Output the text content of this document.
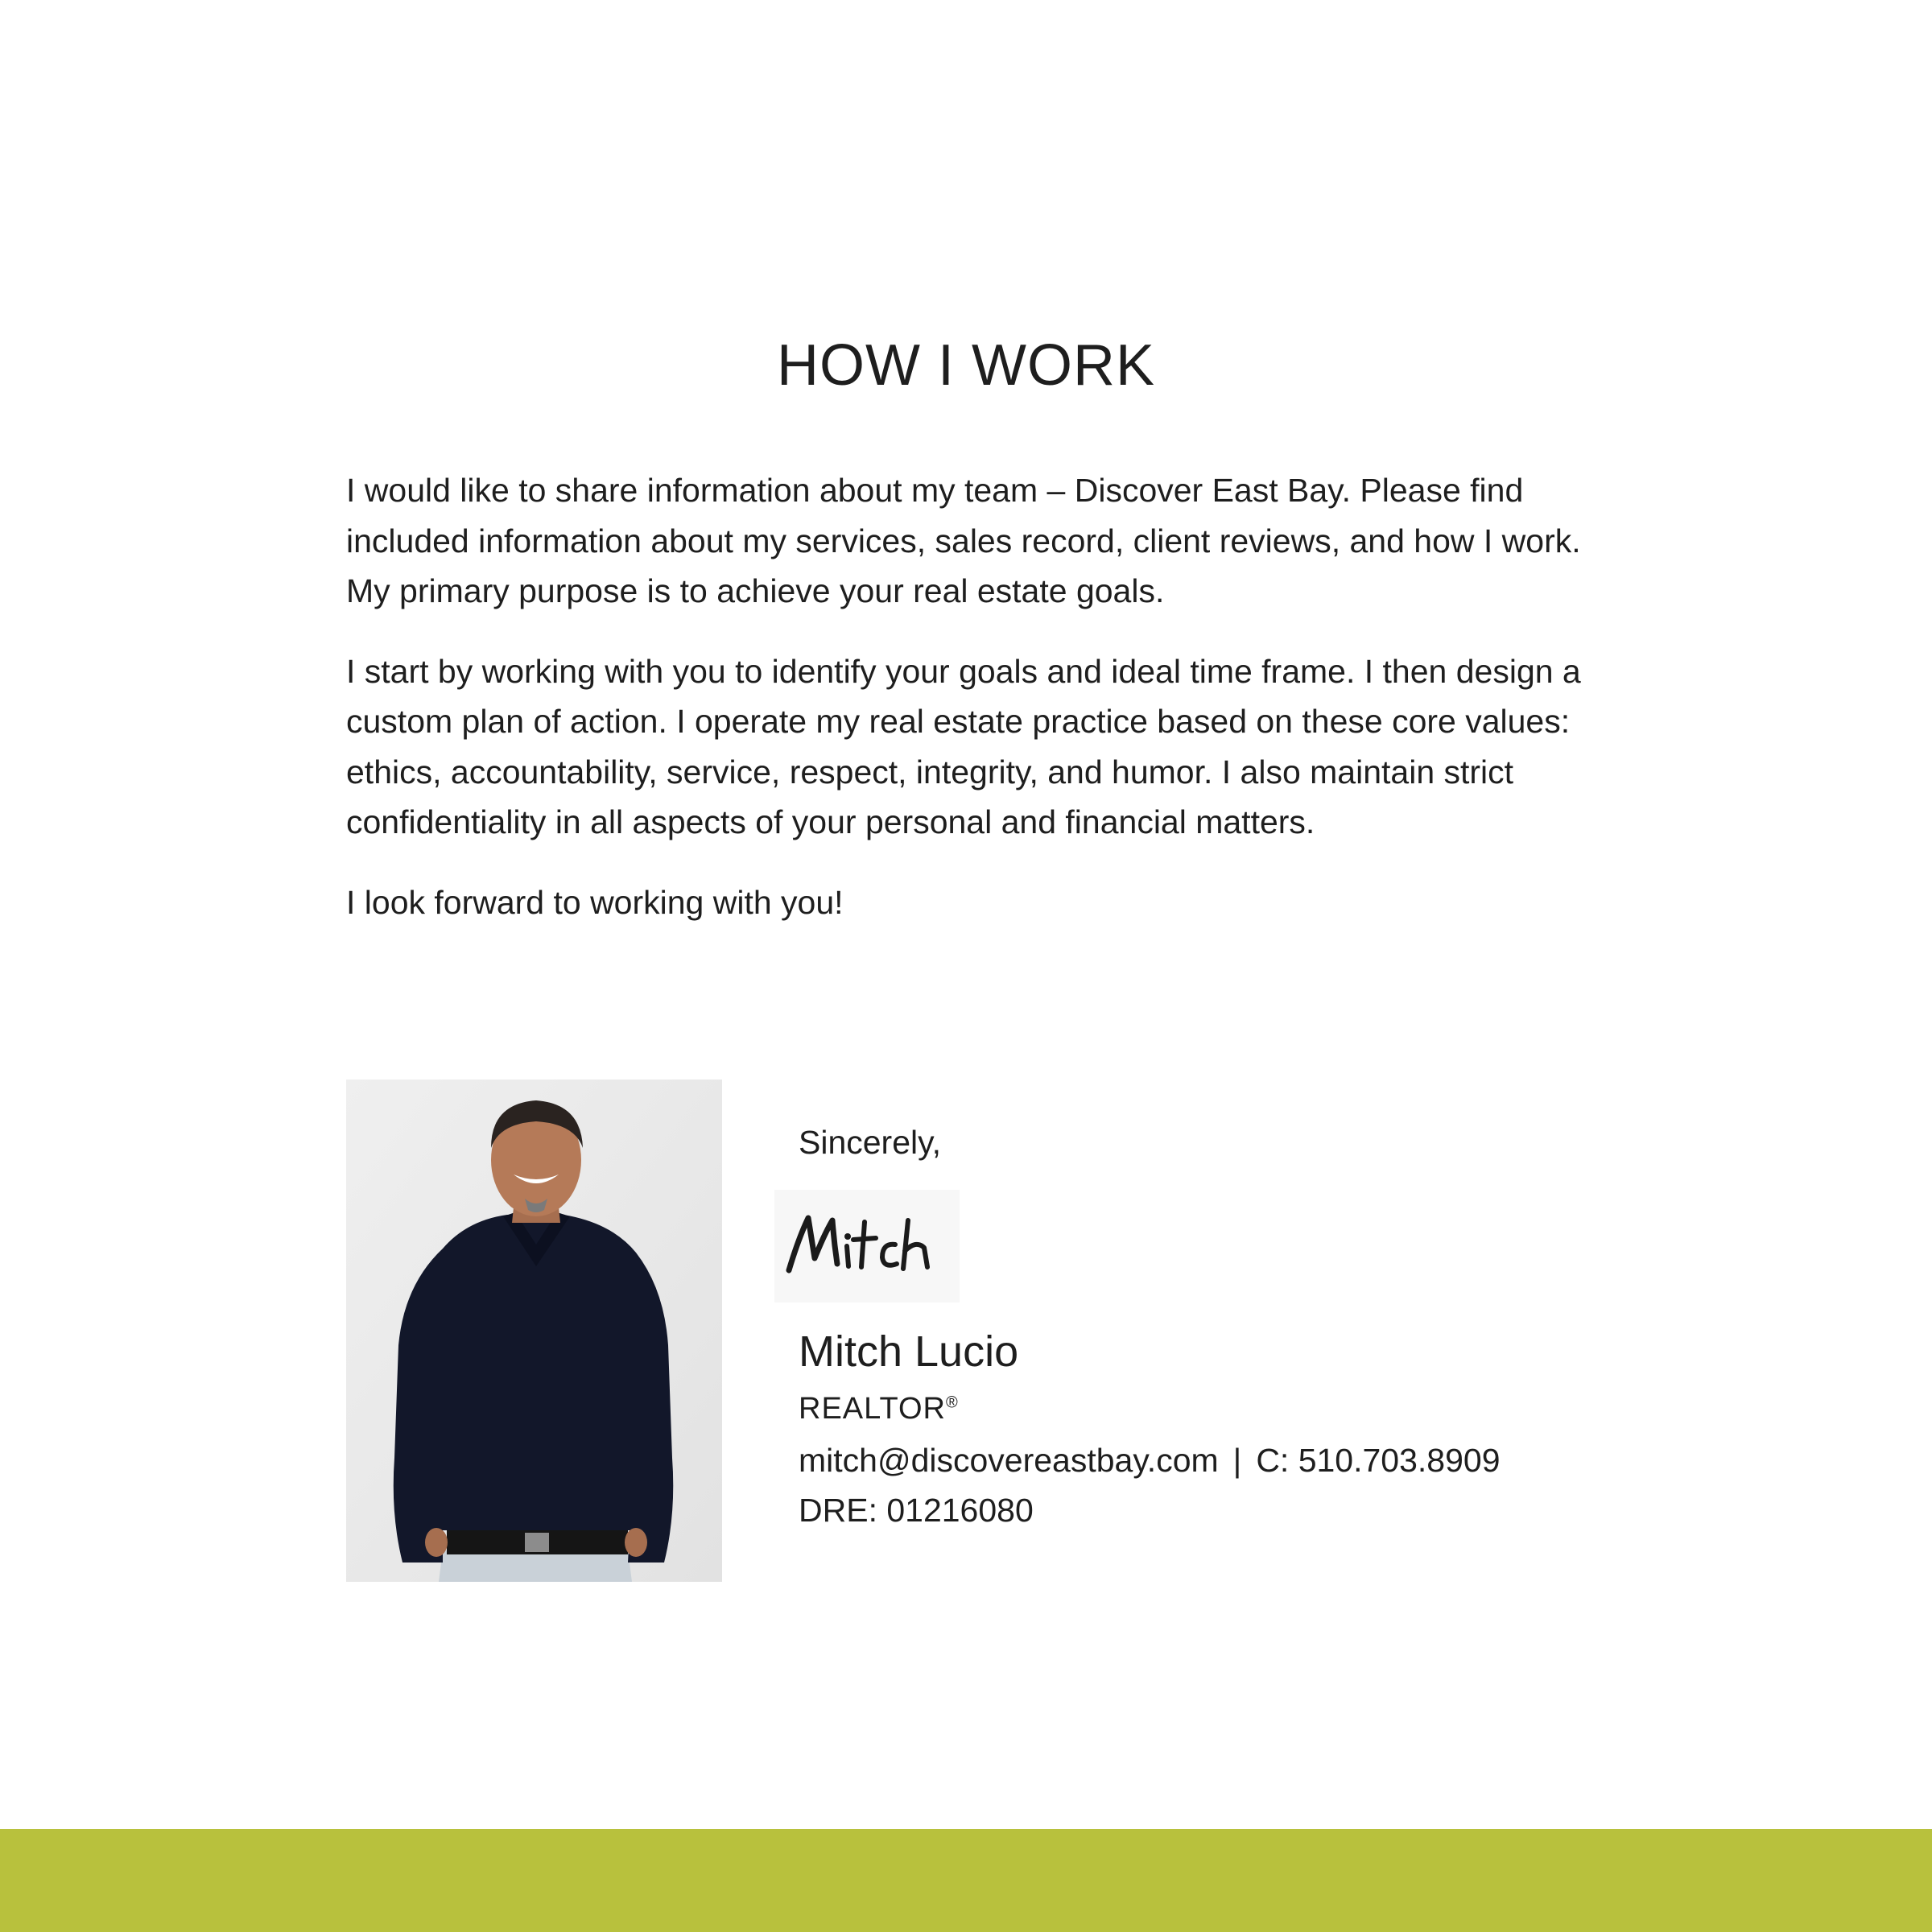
HOW I WORK

I would like to share information about my team – Discover East Bay. Please find included information about my services, sales record, client reviews, and how I work. My primary purpose is to achieve your real estate goals.

I start by working with you to identify your goals and ideal time frame. I then design a custom plan of action. I operate my real estate practice based on these core values: ethics, accountability, service, respect, integrity, and humor. I also maintain strict confidentiality in all aspects of your personal and financial matters.

I look forward to working with you!

Sincerely,
Mitch Lucio
REALTOR®
mitch@discovereastbay.com | C: 510.703.8909
DRE: 01216080
